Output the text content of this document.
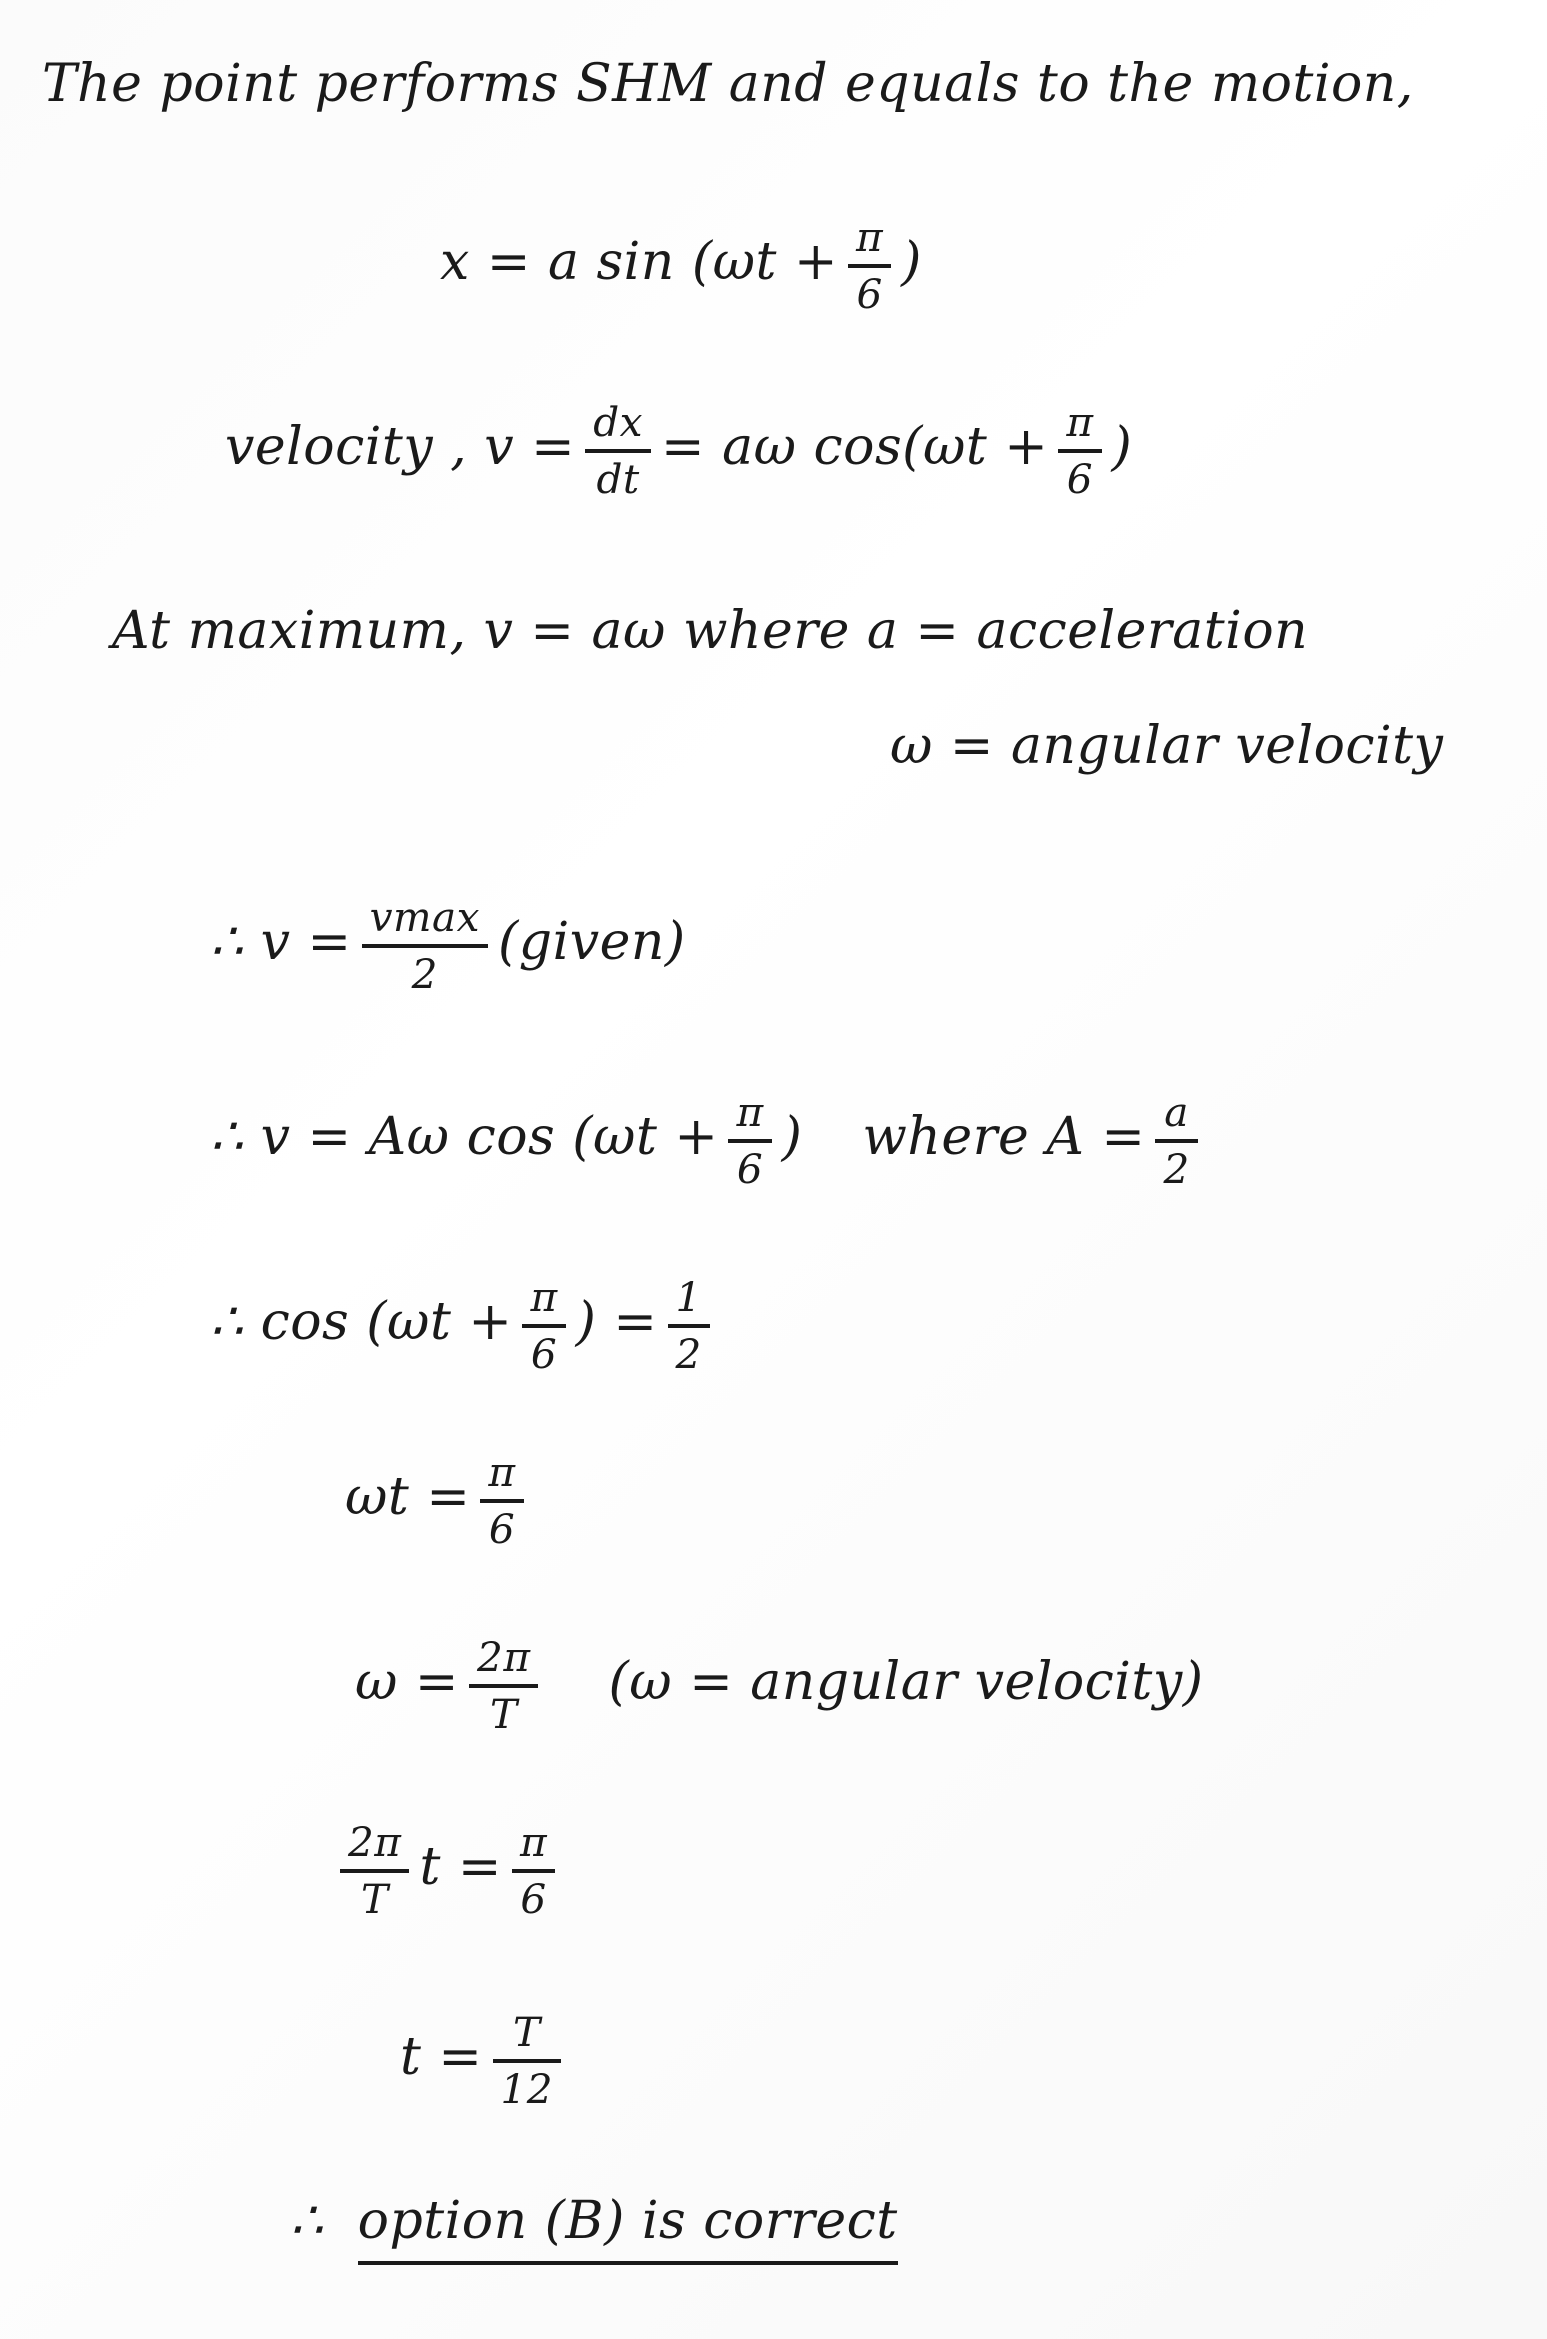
The point performs SHM and equals to the motion,
x = a $\sin (\omega t + \frac{\pi}{6}$ )
velocity , $v = \frac{dx}{dt} = a\omega$ $\cos(\omega t + \frac{\pi}{6}$ )
At maximum, v = aω where a = acceleration
ω = angular velocity
∴ $v = \frac{vmax}{2}$ (given)
∴ v = Aω $\cos (\omega t + \frac{\pi}{6}$ ) where $A = \frac{a}{2}$
∴ $\cos (\omega t + \frac{\pi}{6}$ ) = $\frac{1}{2}$
$\omega t = \frac{\pi}{6}$
$\omega = \frac{2\pi}{T} (\omega$ = angular velocity)
$\frac{2\pi}{T}$ $t = \frac{\pi}{6}$
$t = \frac{T}{12}$
∴ option (B) is correct
